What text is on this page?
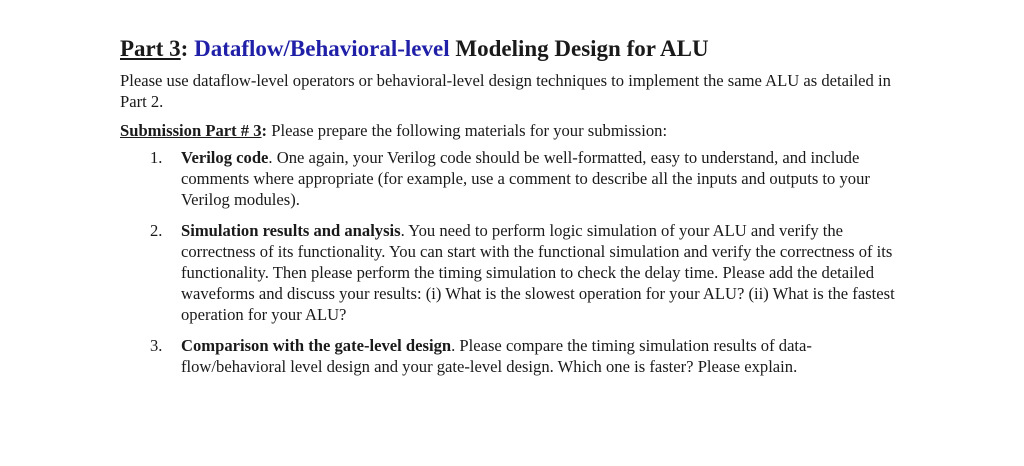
Part 3: Dataflow/Behavioral-level Modeling Design for ALU

Please use dataflow-level operators or behavioral-level design techniques to implement the same ALU as detailed in Part 2.

Submission Part # 3: Please prepare the following materials for your submission:

1. Verilog code. One again, your Verilog code should be well-formatted, easy to understand, and include comments where appropriate (for example, use a comment to describe all the inputs and outputs to your Verilog modules).
2. Simulation results and analysis. You need to perform logic simulation of your ALU and verify the correctness of its functionality. You can start with the functional simulation and verify the correctness of its functionality. Then please perform the timing simulation to check the delay time. Please add the detailed waveforms and discuss your results: (i) What is the slowest operation for your ALU? (ii) What is the fastest operation for your ALU?
3. Comparison with the gate-level design. Please compare the timing simulation results of data-flow/behavioral level design and your gate-level design. Which one is faster? Please explain.
